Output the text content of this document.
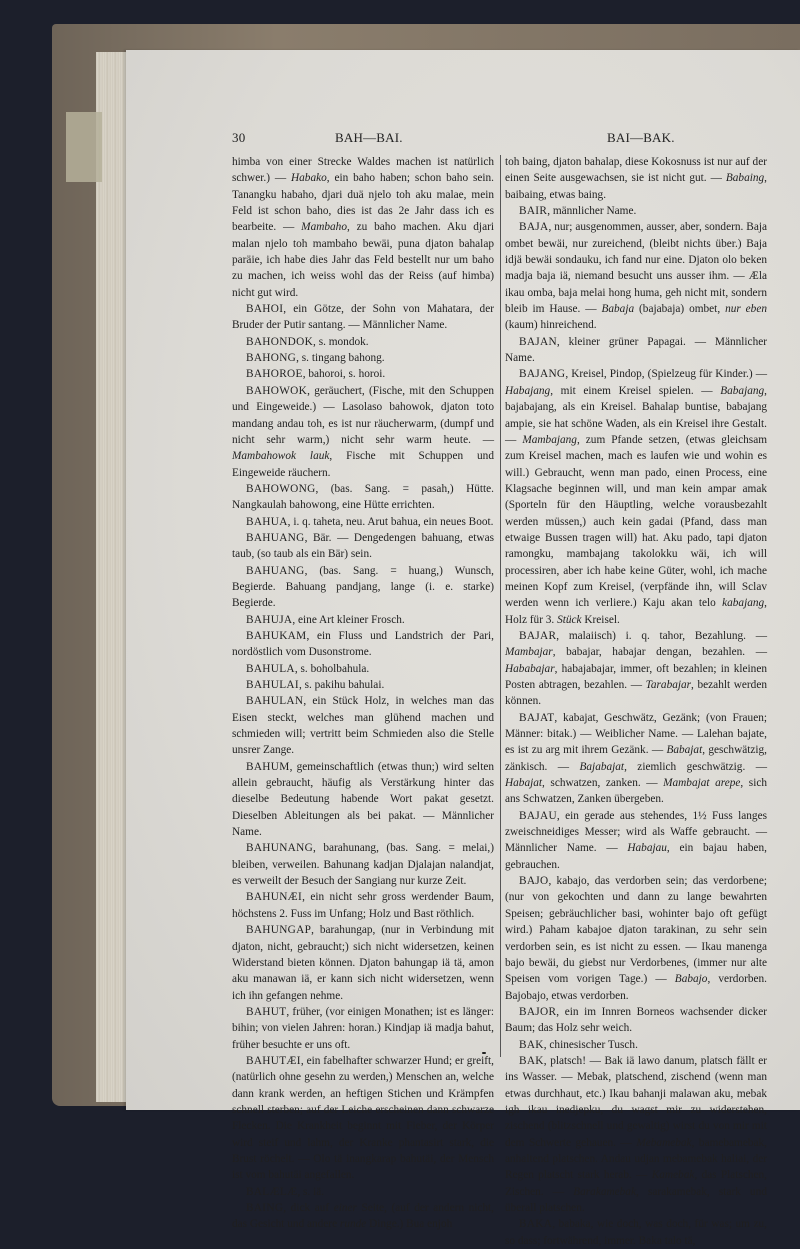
30	BAH—BAI.	BAI—BAK.

himba von einer Strecke Waldes machen ist natürlich schwer.) — Habako, ein baho haben; schon baho sein. Tanangku habaho, djari duä njelo toh aku malae, mein Feld ist schon baho, dies ist das 2e Jahr dass ich es bearbeite. — Mambaho, zu baho machen. Aku djari malan njelo toh mambaho bewäi, puna djaton bahalap paräie, ich habe dies Jahr das Feld bestellt nur um baho zu machen, ich weiss wohl das der Reiss (auf himba) nicht gut wird.

BAHOI, ein Götze, der Sohn von Mahatara, der Bruder der Putir santang. — Männlicher Name.

BAHONDOK, s. mondok.

BAHONG, s. tingang bahong.

BAHOROE, bahoroi, s. horoi.

BAHOWOK, geräuchert, (Fische, mit den Schuppen und Eingeweide.) — Lasolaso bahowok, djaton toto mandang andau toh, es ist nur räucherwarm, (dumpf und nicht sehr warm,) nicht sehr warm heute. — Mambahowok lauk, Fische mit Schuppen und Eingeweide räuchern.

BAHOWONG, (bas. Sang. = pasah,) Hütte. Nangkaulah bahowong, eine Hütte errichten.

BAHUA, i. q. taheta, neu. Arut bahua, ein neues Boot.

BAHUANG, Bär. — Dengedengen bahuang, etwas taub, (so taub als ein Bär) sein.

BAHUANG, (bas. Sang. = huang,) Wunsch, Begierde. Bahuang pandjang, lange (i. e. starke) Begierde.

BAHUJA, eine Art kleiner Frosch.

BAHUKAM, ein Fluss und Landstrich der Pari, nordöstlich vom Dusonstrome.

BAHULA, s. boholbahula.

BAHULAI, s. pakihu bahulai.

BAHULAN, ein Stück Holz, in welches man das Eisen steckt, welches man glühend machen und schmieden will; vertritt beim Schmieden also die Stelle unsrer Zange.

BAHUM, gemeinschaftlich (etwas thun;) wird selten allein gebraucht, häufig als Verstärkung hinter das dieselbe Bedeutung habende Wort pakat gesetzt. Dieselben Ableitungen als bei pakat. — Männlicher Name.

BAHUNANG, barahunang, (bas. Sang. = melai,) bleiben, verweilen. Bahunang kadjan Djalajan nalandjat, es verweilt der Besuch der Sangiang nur kurze Zeit.

BAHUNÆI, ein nicht sehr gross werdender Baum, höchstens 2. Fuss im Unfang; Holz und Bast röthlich.

BAHUNGAP, barahungap, (nur in Verbindung mit djaton, nicht, gebraucht;) sich nicht widersetzen, keinen Widerstand bieten können. Djaton bahungap iä tä, amon aku manawan iä, er kann sich nicht widersetzen, wenn ich ihn gefangen nehme.

BAHUT, früher, (vor einigen Monathen; ist es länger: bihin; von vielen Jahren: horan.) Kindjap iä madja bahut, früher besuchte er uns oft.

BAHUTÆI, ein fabelhafter schwarzer Hund; er greift, (natürlich ohne gesehn zu werden,) Menschen an, welche dann krank werden, an heftigen Stichen und Krämpfen schnell sterben; auf der Leiche erscheinen dann schwarze Flecken. Die Krankheit beginnt mit Fieber, der Körper wird steif und lahm, der Kranke phantasirt stark, die Brust röchelt. — Olo tä inangkarap bahutäi, der Mensch ist vom bahutäi angefallen.

BALÆLÆ, s. iä.

BAING, dick auf einer Seite, (auf der andern nicht, das Gesicht und andere runde Dinge.) Bua enjoh

toh baing, djaton bahalap, diese Kokosnuss ist nur auf der einen Seite ausgewachsen, sie ist nicht gut. — Babaing, baibaing, etwas baing.

BAIR, männlicher Name.

BAJA, nur; ausgenommen, ausser, aber, sondern. Baja ombet bewäi, nur zureichend, (bleibt nichts über.) Baja idjä bewäi sondauku, ich fand nur eine. Djaton olo beken madja baja iä, niemand besucht uns ausser ihm. — Æla ikau omba, baja melai hong huma, geh nicht mit, sondern bleib im Hause. — Babaja (bajabaja) ombet, nur eben (kaum) hinreichend.

BAJAN, kleiner grüner Papagai. — Männlicher Name.

BAJANG, Kreisel, Pindop, (Spielzeug für Kinder.) — Habajang, mit einem Kreisel spielen. — Babajang, bajabajang, als ein Kreisel. Bahalap buntise, babajang ampie, sie hat schöne Waden, als ein Kreisel ihre Gestalt. — Mambajang, zum Pfande setzen, (etwas gleichsam zum Kreisel machen, mach es laufen wie und wohin es will.) Gebraucht, wenn man pado, einen Process, eine Klagsache beginnen will, und man kein ampar amak (Sporteln für den Häuptling, welche vorausbezahlt werden müssen,) auch kein gadai (Pfand, dass man etwaige Bussen tragen will) hat. Aku pado, tapi djaton ramongku, mambajang takolokku wäi, ich will processiren, aber ich habe keine Güter, wohl, ich mache meinen Kopf zum Kreisel, (verpfände ihn, will Sclav werden wenn ich verliere.) Kaju akan telo kabajang, Holz für 3. Stück Kreisel.

BAJAR, malaiisch) i. q. tahor, Bezahlung. — Mambajar, babajar, habajar dengan, bezahlen. — Hababajar, habajabajar, immer, oft bezahlen; in kleinen Posten abtragen, bezahlen. — Tarabajar, bezahlt werden können.

BAJAT, kabajat, Geschwätz, Gezänk; (von Frauen; Männer: bitak.) — Weiblicher Name. — Lalehan bajate, es ist zu arg mit ihrem Gezänk. — Babajat, geschwätzig, zänkisch. — Bajabajat, ziemlich geschwätzig. — Habajat, schwatzen, zanken. — Mambajat arepe, sich ans Schwatzen, Zanken übergeben.

BAJAU, ein gerade aus stehendes, 1½ Fuss langes zweischneidiges Messer; wird als Waffe gebraucht. — Männlicher Name. — Habajau, ein bajau haben, gebrauchen.

BAJO, kabajo, das verdorben sein; das verdorbene; (nur von gekochten und dann zu lange bewahrten Speisen; gebräuchlicher basi, wohinter bajo oft gefügt wird.) Paham kabajoe djaton tarakinan, zu sehr sein verdorben sein, es ist nicht zu essen. — Ikau manenga bajo bewäi, du giebst nur Verdorbenes, (immer nur alte Speisen vom vorigen Tage.) — Babajo, verdorben. Bajobajo, etwas verdorben.

BAJOR, ein im Innren Borneos wachsender dicker Baum; das Holz sehr weich.

BAK, chinesischer Tusch.

BAK, platsch! — Bak iä lawo danum, platsch fällt er ins Wasser. — Mebak, platschend, zischend (wenn man etwas durchhaut, etc.) Ikau bahanji malawan aku, mebak igh ikau inedjepku, du wagst mir zu widerstehen, zischend (blitzschnell und gewaltig) wirst du von mir mit dem Schwerte gehauen. — Mebamebak, bamebamebak, anhaltend platschen. Andau udjan mebamebak haliai, der Regen platscht stark herab. — Kamebak, das Platschen, Zischen. — Barakamebak, sarakamebak, stark und überall platschen.

BAKA, babaka, wie doch, was doch, für was; um zu, so dass; fortwährend, immer. Baka talo tä,
